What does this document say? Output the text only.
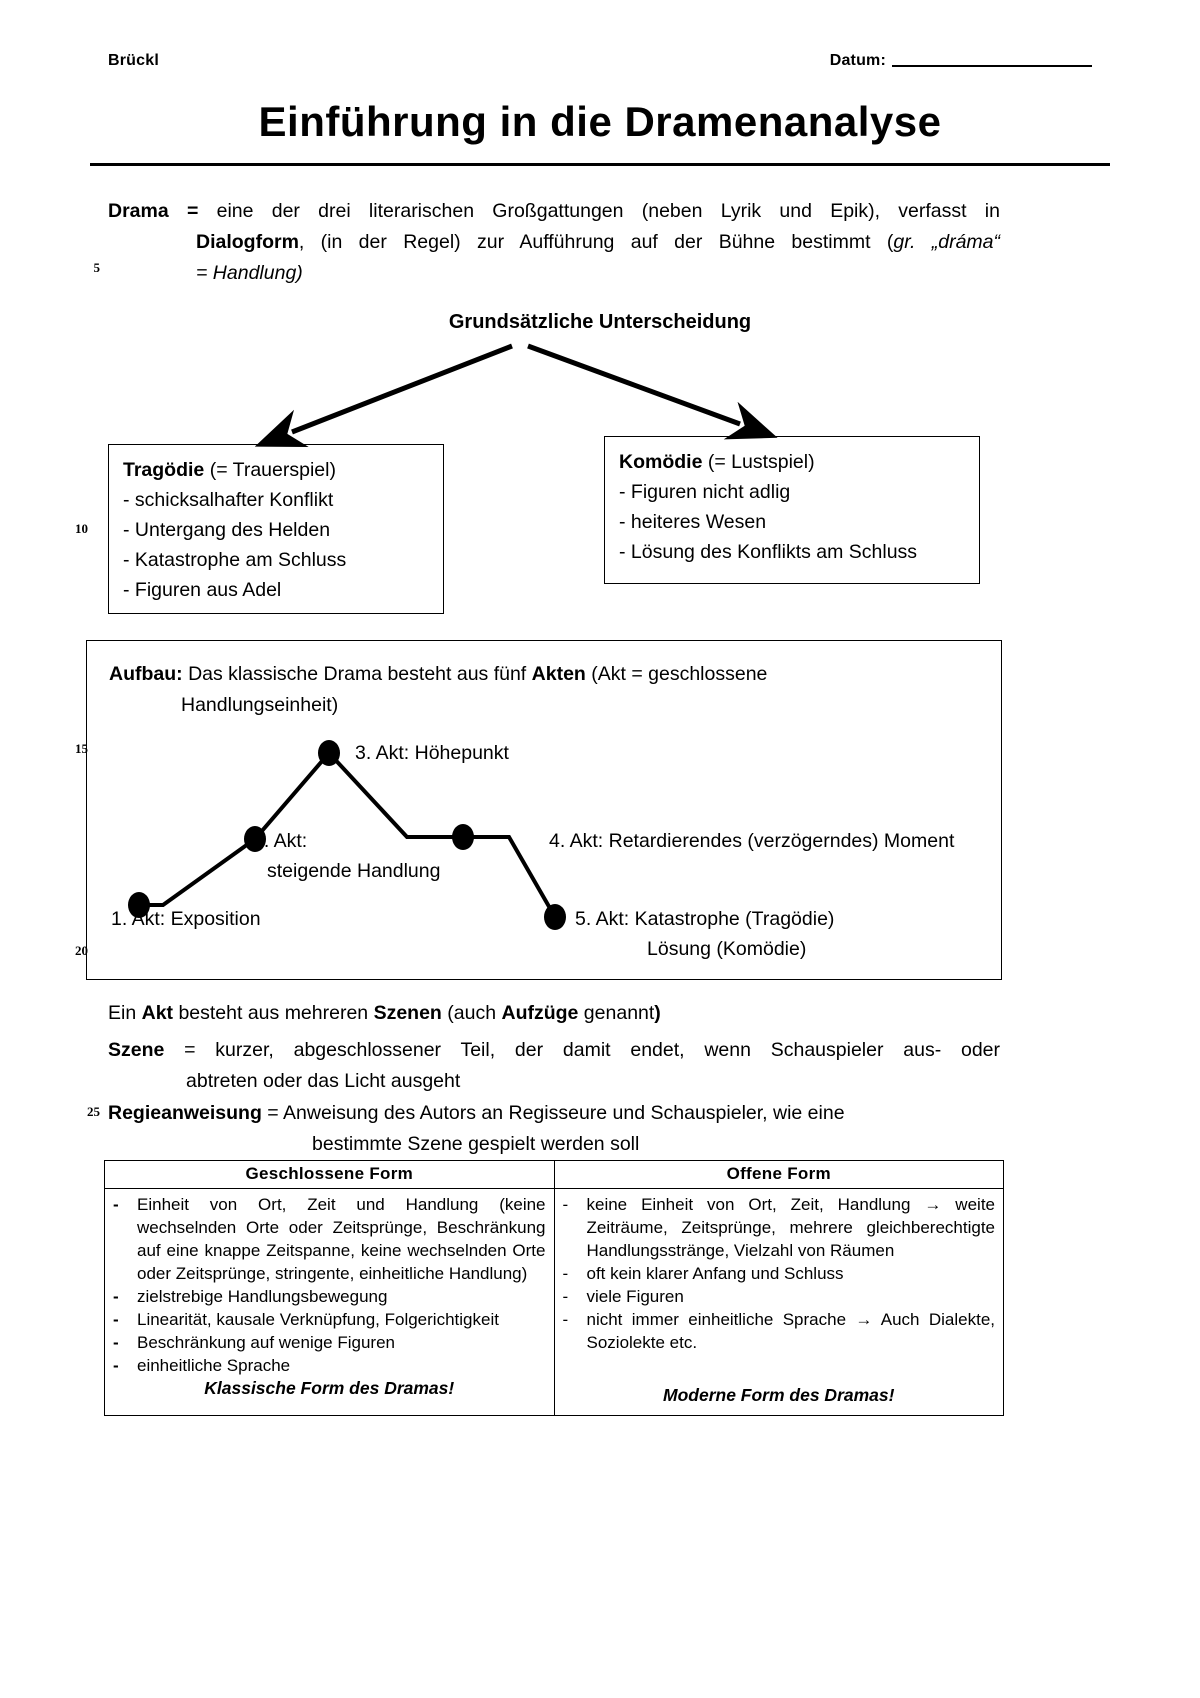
Brückl	Datum:
Einführung in die Dramenanalyse
5
10
15
20
25
Drama = eine der drei literarischen Großgattungen (neben Lyrik und Epik), verfasst in
Dialogform, (in der Regel) zur Aufführung auf der Bühne bestimmt (gr. „dráma“
= Handlung)
Grundsätzliche Unterscheidung
Tragödie (= Trauerspiel)
- schicksalhafter Konflikt
- Untergang des Helden
- Katastrophe am Schluss
- Figuren aus Adel
Komödie (= Lustspiel)
- Figuren nicht adlig
- heiteres Wesen
- Lösung des Konflikts am Schluss
Aufbau: Das klassische Drama besteht aus fünf Akten (Akt = geschlossene Handlungseinheit)
3. Akt: Höhepunkt
2. Akt:
steigende Handlung
4. Akt: Retardierendes (verzögerndes) Moment
1. Akt: Exposition	5. Akt: Katastrophe (Tragödie)
Lösung (Komödie)
Ein Akt besteht aus mehreren Szenen (auch Aufzüge genannt)
Szene = kurzer, abgeschlossener Teil, der damit endet, wenn Schauspieler aus- oder
abtreten oder das Licht ausgeht
Regieanweisung = Anweisung des Autors an Regisseure und Schauspieler, wie eine
bestimmte Szene gespielt werden soll
Geschlossene Form	Offene Form

-	Einheit von Ort, Zeit und Handlung (keine wechselnden Orte oder Zeitsprünge, Beschränkung auf eine knappe Zeitspanne, keine wechselnden Orte oder Zeitsprünge, stringente, einheitliche Handlung)
-	zielstrebige Handlungsbewegung
-	Linearität, kausale Verknüpfung, Folgerichtigkeit
-	Beschränkung auf wenige Figuren
-	einheitliche Sprache
Klassische Form des Dramas!

-	keine Einheit von Ort, Zeit, Handlung → weite Zeiträume, Zeitsprünge, mehrere gleichberechtigte Handlungsstränge, Vielzahl von Räumen
-	oft kein klarer Anfang und Schluss
-	viele Figuren
-	nicht immer einheitliche Sprache → Auch Dialekte, Soziolekte etc.
Moderne Form des Dramas!
